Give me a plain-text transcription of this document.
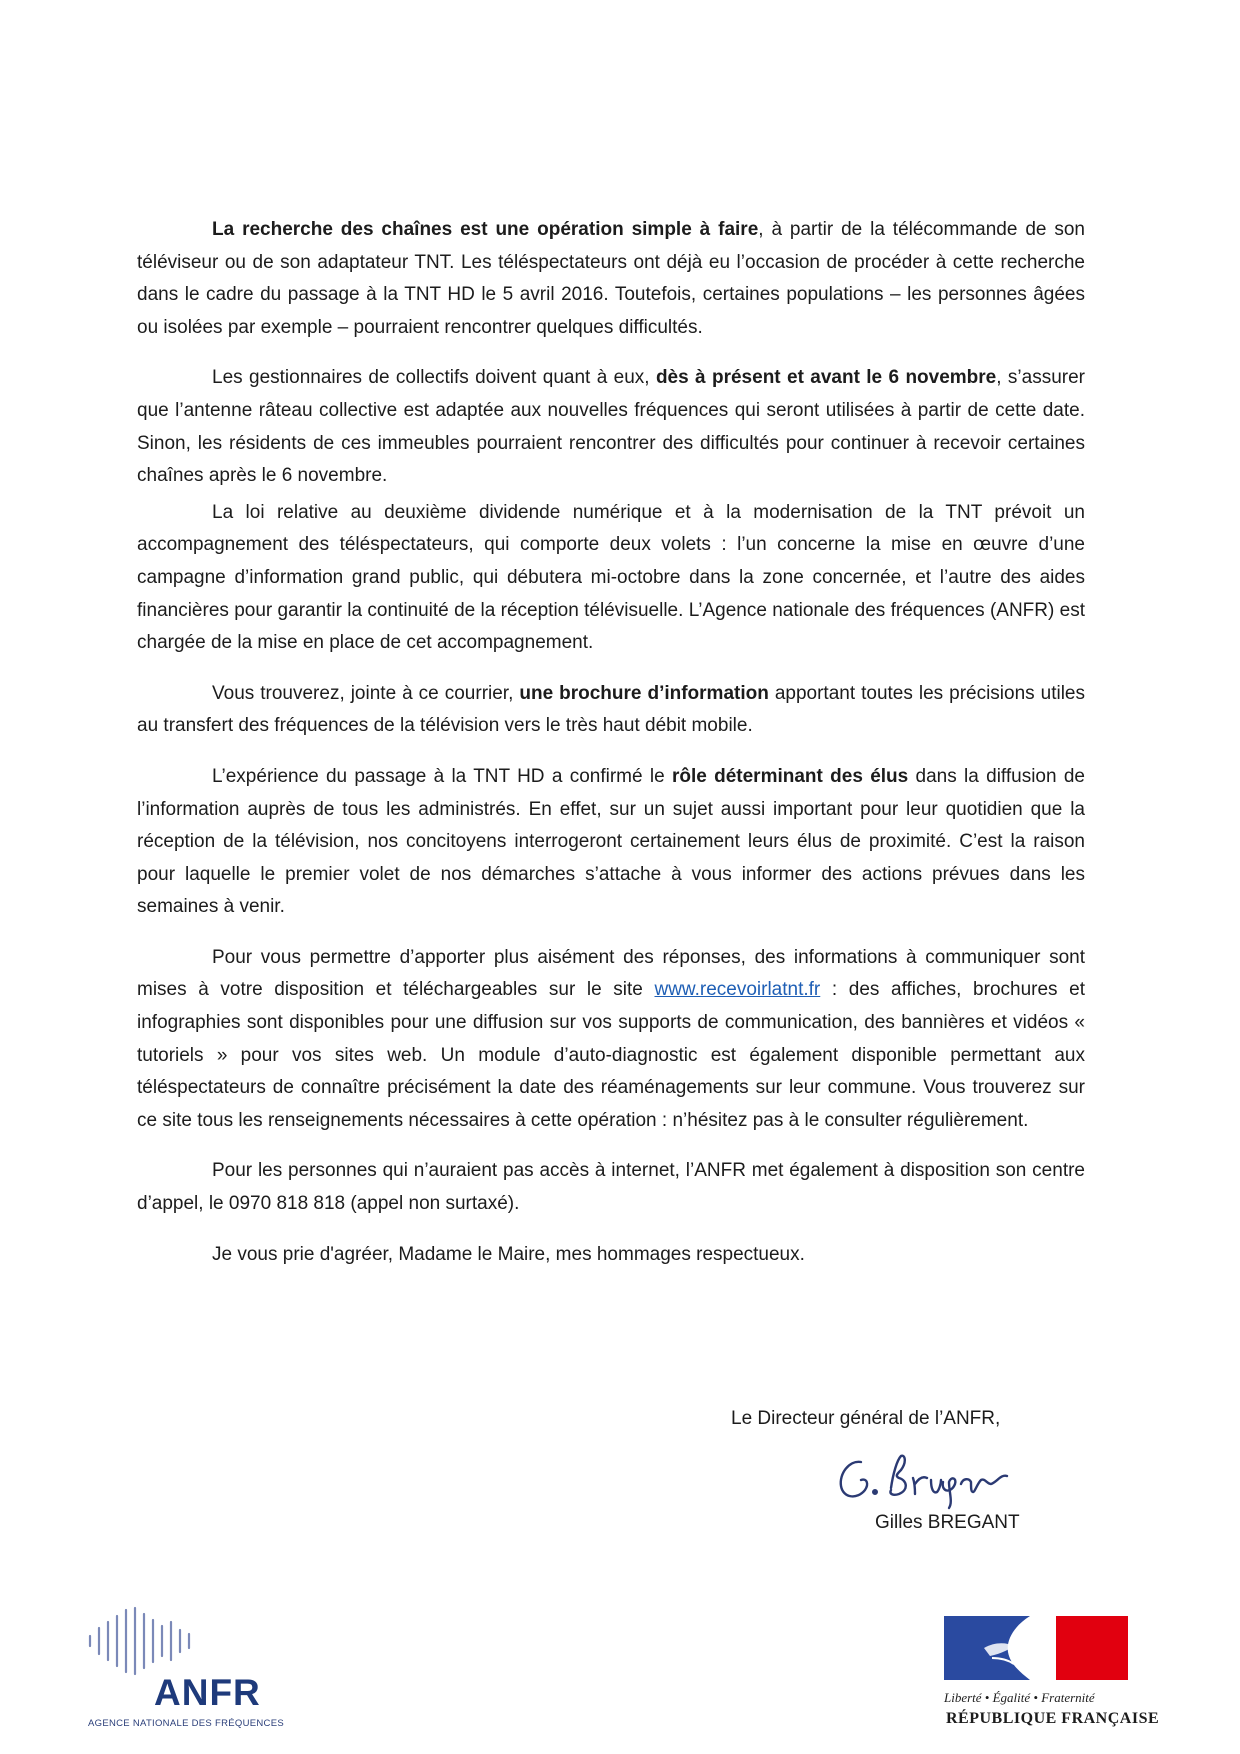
La recherche des chaînes est une opération simple à faire, à partir de la télécommande de son téléviseur ou de son adaptateur TNT. Les téléspectateurs ont déjà eu l’occasion de procéder à cette recherche dans le cadre du passage à la TNT HD le 5 avril 2016. Toutefois, certaines populations – les personnes âgées ou isolées par exemple – pourraient rencontrer quelques difficultés.

Les gestionnaires de collectifs doivent quant à eux, dès à présent et avant le 6 novembre, s’assurer que l’antenne râteau collective est adaptée aux nouvelles fréquences qui seront utilisées à partir de cette date. Sinon, les résidents de ces immeubles pourraient rencontrer des difficultés pour continuer à recevoir certaines chaînes après le 6 novembre.

La loi relative au deuxième dividende numérique et à la modernisation de la TNT prévoit un accompagnement des téléspectateurs, qui comporte deux volets : l’un concerne la mise en œuvre d’une campagne d’information grand public, qui débutera mi-octobre dans la zone concernée, et l’autre des aides financières pour garantir la continuité de la réception télévisuelle. L’Agence nationale des fréquences (ANFR) est chargée de la mise en place de cet accompagnement.

Vous trouverez, jointe à ce courrier, une brochure d’information apportant toutes les précisions utiles au transfert des fréquences de la télévision vers le très haut débit mobile.

L’expérience du passage à la TNT HD a confirmé le rôle déterminant des élus dans la diffusion de l’information auprès de tous les administrés. En effet, sur un sujet aussi important pour leur quotidien que la réception de la télévision, nos concitoyens interrogeront certainement leurs élus de proximité. C’est la raison pour laquelle le premier volet de nos démarches s’attache à vous informer des actions prévues dans les semaines à venir.

Pour vous permettre d’apporter plus aisément des réponses, des informations à communiquer sont mises à votre disposition et téléchargeables sur le site www.recevoirlatnt.fr : des affiches, brochures et infographies sont disponibles pour une diffusion sur vos supports de communication, des bannières et vidéos « tutoriels » pour vos sites web. Un module d’auto-diagnostic est également disponible permettant aux téléspectateurs de connaître précisément la date des réaménagements sur leur commune. Vous trouverez sur ce site tous les renseignements nécessaires à cette opération : n’hésitez pas à le consulter régulièrement.

Pour les personnes qui n’auraient pas accès à internet, l’ANFR met également à disposition son centre d’appel, le 0970 818 818 (appel non surtaxé).

Je vous prie d'agréer, Madame le Maire, mes hommages respectueux.

Le Directeur général de l’ANFR,
Gilles BREGANT
ANFR
AGENCE NATIONALE DES FRÉQUENCES
Liberté • Égalité • Fraternité
RÉPUBLIQUE FRANÇAISE
